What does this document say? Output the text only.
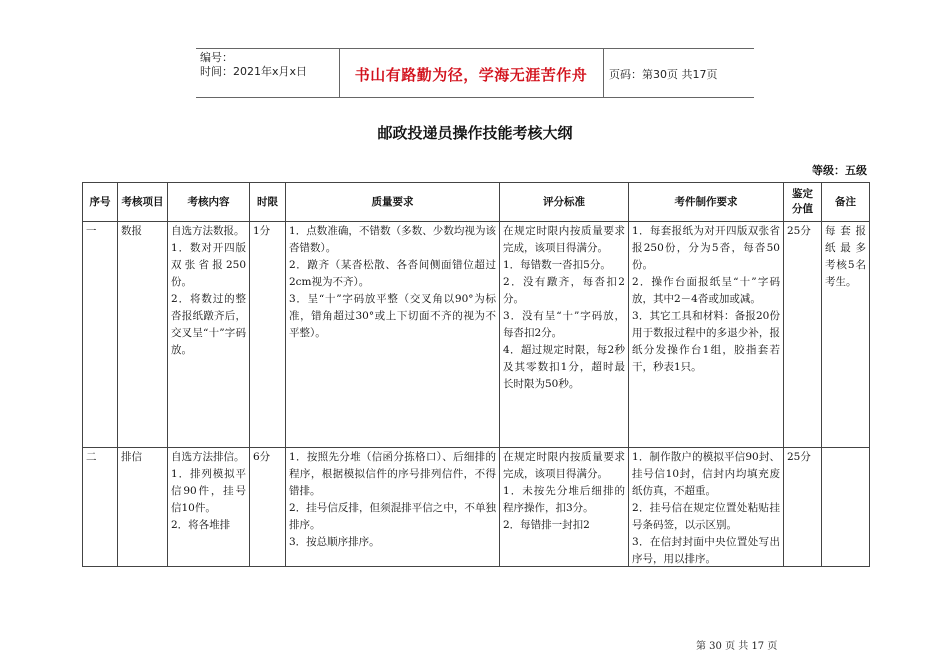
编号：
时间：2021年x月x日	书山有路勤为径，学海无涯苦作舟	页码：第30页 共17页
邮政投递员操作技能考核大纲
等级：五级
序号	考核项目	考核内容	时限	质量要求	评分标准	考件制作要求	鉴定分值	备注
一	数报	自选方法数报。
1．数对开四版双张省报250份。
2．将数过的整沓报纸蹾齐后，交叉呈“十”字码放。	1分	1．点数准确，不错数（多数、少数均视为该沓错数）。
2．蹾齐（某沓松散、各沓间侧面错位超过2cm视为不齐）。
3．呈“十”字码放平整（交叉角以90°为标准，错角超过30°或上下切面不齐的视为不平整）。	在规定时限内按质量要求完成，该项目得满分。
1．每错数一沓扣5分。
2．没有蹾齐，每沓扣2分。
3．没有呈“十”字码放，每沓扣2分。
4．超过规定时限，每2秒及其零数扣1分，超时最长时限为50秒。	1．每套报纸为对开四版双张省报250份，分为5沓，每沓50份。
2．操作台面报纸呈“十”字码放，其中2－4沓或加或减。
3．其它工具和材料：备报20份用于数报过程中的多退少补，报纸分发操作台1组，胶指套若干，秒表1只。	25分	每套报纸最多考核5名考生。
二	排信	自选方法排信。
1．排列模拟平信90件，挂号信10件。
2．将各堆排	6分	1．按照先分堆（信函分拣格口）、后细排的程序，根据模拟信件的序号排列信件，不得错排。
2．挂号信反排，但须混排平信之中，不单独排序。
3．按总顺序排序。	在规定时限内按质量要求完成，该项目得满分。
1．未按先分堆后细排的程序操作，扣3分。
2．每错排一封扣2	1．制作散户的模拟平信90封、挂号信10封，信封内均填充废纸仿真，不超重。
2．挂号信在规定位置处粘贴挂号条码签，以示区别。
3．在信封封面中央位置处写出序号，用以排序。	25分	
第 30 页 共 17 页
